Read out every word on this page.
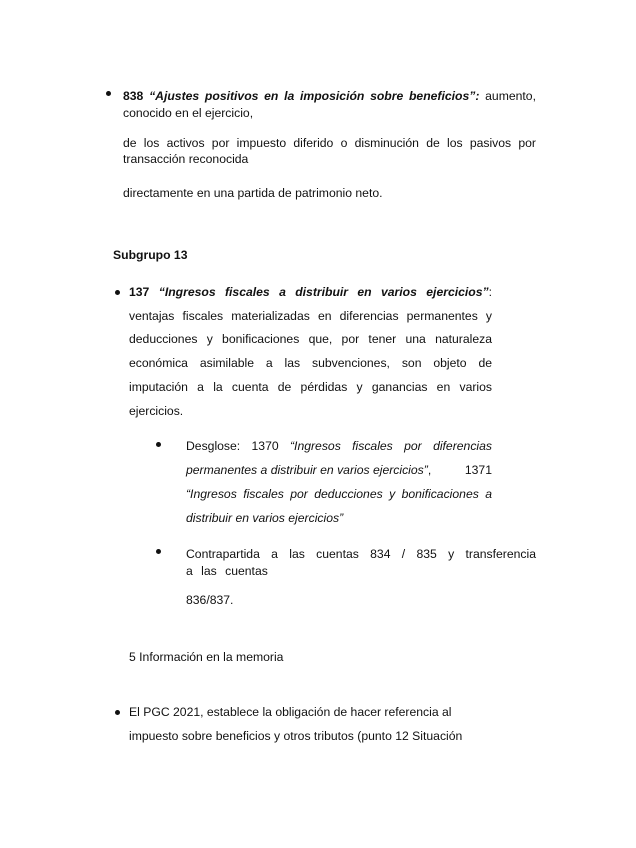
838 “Ajustes positivos en la imposición sobre beneficios”: aumento,
conocido en el ejercicio,
de los activos por impuesto diferido o disminución de los pasivos por
transacción reconocida
directamente en una partida de patrimonio neto.
Subgrupo 13
137 “Ingresos fiscales a distribuir en varios ejercicios”:
ventajas fiscales materializadas en diferencias permanentes y
deducciones y bonificaciones que, por tener una naturaleza
económica asimilable a las subvenciones, son objeto de
imputación a la cuenta de pérdidas y ganancias en varios
ejercicios.
Desglose: 1370 “Ingresos fiscales por diferencias
permanentes a distribuir en varios ejercicios”,	1371
“Ingresos fiscales por deducciones y bonificaciones a
distribuir en varios ejercicios”
Contrapartida a las cuentas 834 / 835 y transferencia
a las cuentas
836/837.
5 Información en la memoria
El PGC 2021, establece la obligación de hacer referencia al
impuesto sobre beneficios y otros tributos (punto 12 Situación
